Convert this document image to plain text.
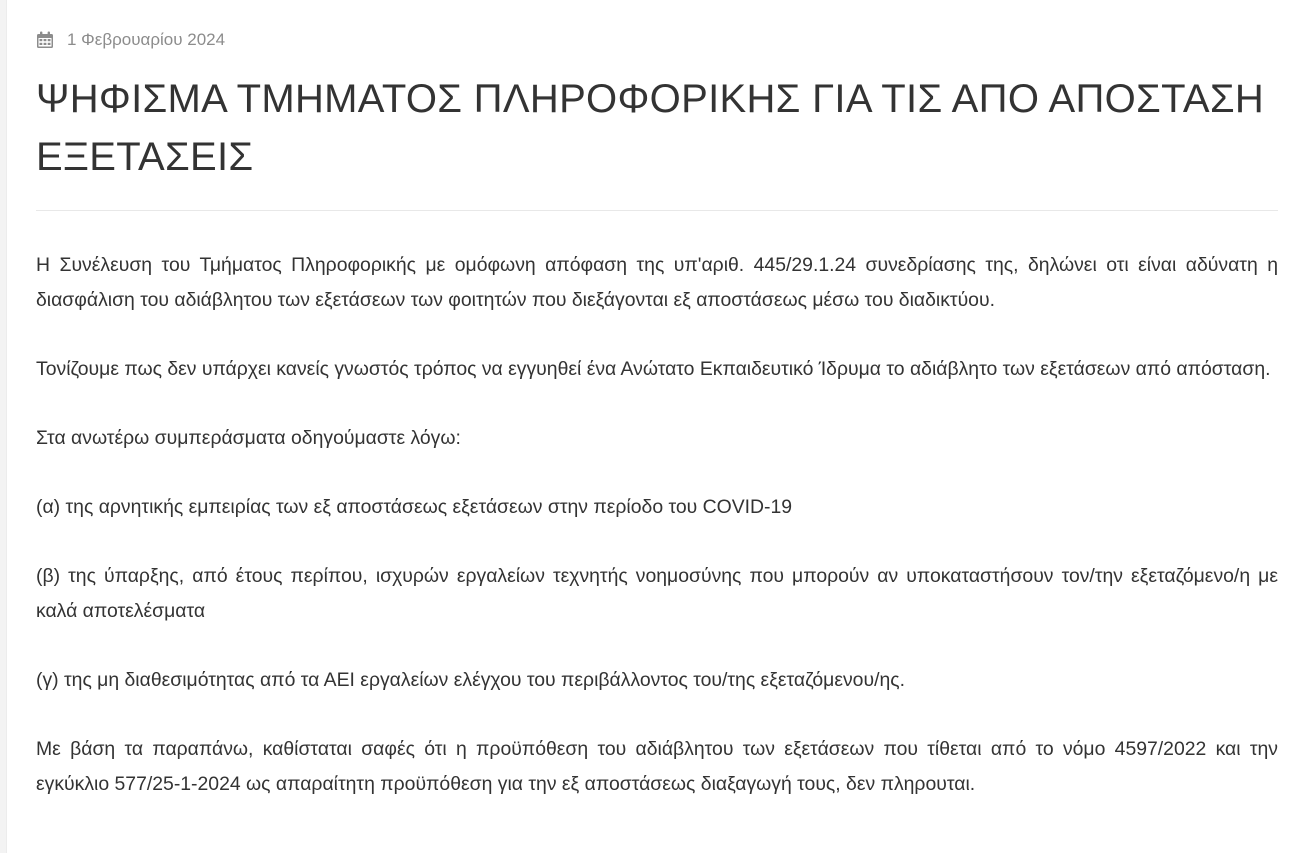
1 Φεβρουαρίου 2024
ΨΗΦΙΣΜΑ ΤΜΗΜΑΤΟΣ ΠΛΗΡΟΦΟΡΙΚΗΣ ΓΙΑ ΤΙΣ ΑΠΟ ΑΠΟΣΤΑΣΗ ΕΞΕΤΑΣΕΙΣ

Η Συνέλευση του Τμήματος Πληροφορικής με ομόφωνη απόφαση της υπ'αριθ. 445/29.1.24 συνεδρίασης της, δηλώνει οτι είναι αδύνατη η διασφάλιση του αδιάβλητου των εξετάσεων των φοιτητών που διεξάγονται εξ αποστάσεως μέσω του διαδικτύου.

Τονίζουμε πως δεν υπάρχει κανείς γνωστός τρόπος να εγγυηθεί ένα Ανώτατο Εκπαιδευτικό Ίδρυμα το αδιάβλητο των εξετάσεων από απόσταση.

Στα ανωτέρω συμπεράσματα οδηγούμαστε λόγω:

(α) της αρνητικής εμπειρίας των εξ αποστάσεως εξετάσεων στην περίοδο του COVID-19

(β) της ύπαρξης, από έτους περίπου, ισχυρών εργαλείων τεχνητής νοημοσύνης που μπορούν αν υποκαταστήσουν τον/την εξεταζόμενο/η με καλά αποτελέσματα

(γ) της μη διαθεσιμότητας από τα ΑΕΙ εργαλείων ελέγχου του περιβάλλοντος του/της εξεταζόμενου/ης.

Με βάση τα παραπάνω, καθίσταται σαφές ότι η προϋπόθεση του αδιάβλητου των εξετάσεων που τίθεται από το νόμο 4597/2022 και την εγκύκλιο 577/25-1-2024 ως απαραίτητη προϋπόθεση για την εξ αποστάσεως διαξαγωγή τους, δεν πληρουται.
